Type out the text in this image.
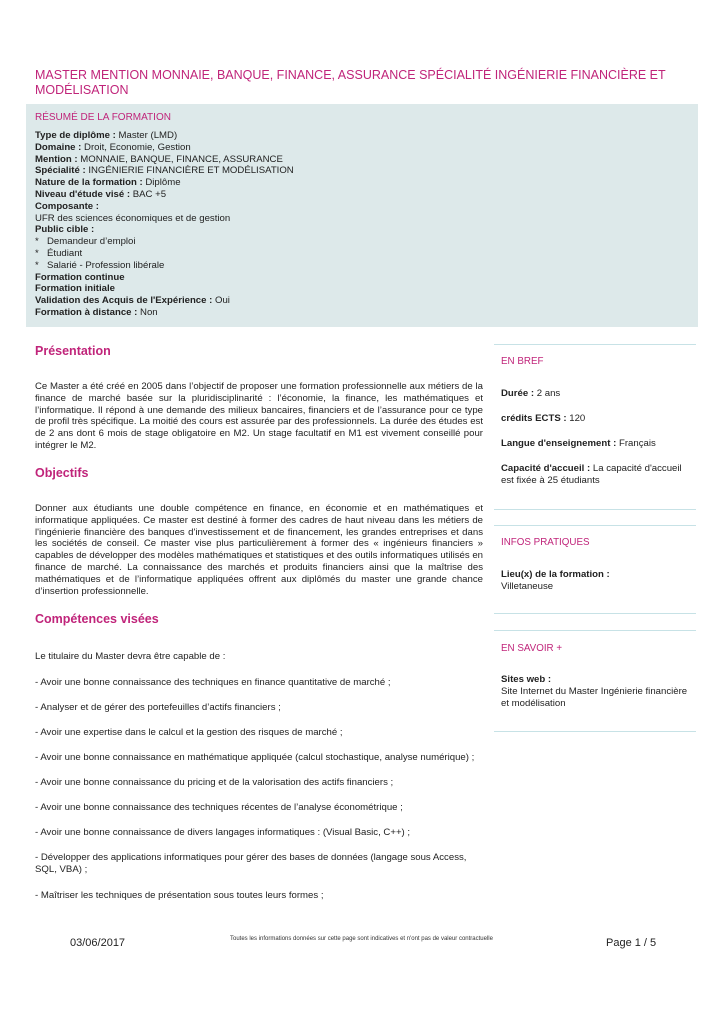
MASTER MENTION MONNAIE, BANQUE, FINANCE, ASSURANCE SPÉCIALITÉ INGÉNIERIE FINANCIÈRE ET MODÉLISATION
RÉSUMÉ DE LA FORMATION
Type de diplôme : Master (LMD)
Domaine : Droit, Economie, Gestion
Mention : MONNAIE, BANQUE, FINANCE, ASSURANCE
Spécialité : INGÉNIERIE FINANCIÈRE ET MODÉLISATION
Nature de la formation : Diplôme
Niveau d'étude visé : BAC +5
Composante :
UFR des sciences économiques et de gestion
Public cible :
* Demandeur d’emploi
* Étudiant
* Salarié - Profession libérale
Formation continue
Formation initiale
Validation des Acquis de l'Expérience : Oui
Formation à distance : Non
Présentation
Ce Master a été créé en 2005 dans l’objectif de proposer une formation professionnelle aux métiers de la finance de marché basée sur la pluridisciplinarité : l’économie, la finance, les mathématiques et l’informatique. Il répond à une demande des milieux bancaires, financiers et de l’assurance pour ce type de profil très spécifique. La moitié des cours est assurée par des professionnels. La durée des études est de 2 ans dont 6 mois de stage obligatoire en M2. Un stage facultatif en M1 est vivement conseillé pour intégrer le M2.
Objectifs
Donner aux étudiants une double compétence en finance, en économie et en mathématiques et informatique appliquées. Ce master est destiné à former des cadres de haut niveau dans les métiers de l'ingénierie financière des banques d'investissement et de financement, les grandes entreprises et dans les sociétés de conseil. Ce master vise plus particulièrement à former des « ingénieurs financiers » capables de développer des modèles mathématiques et statistiques et des outils informatiques utilisés en finance de marché. La connaissance des marchés et produits financiers ainsi que la maîtrise des mathématiques et de l’informatique appliquées offrent aux diplômés du master une grande chance d’insertion professionnelle.
Compétences visées
Le titulaire du Master devra être capable de :
- Avoir une bonne connaissance des techniques en finance quantitative de marché ;
- Analyser et de gérer des portefeuilles d’actifs financiers ;
- Avoir une expertise dans le calcul et la gestion des risques de marché ;
- Avoir une bonne connaissance en mathématique appliquée (calcul stochastique, analyse numérique) ;
- Avoir une bonne connaissance du pricing et de la valorisation des actifs financiers ;
- Avoir une bonne connaissance des techniques récentes de l’analyse économétrique ;
- Avoir une bonne connaissance de divers langages informatiques : (Visual Basic, C++) ;
- Développer des applications informatiques pour gérer des bases de données (langage sous Access, SQL, VBA) ;
- Maîtriser les techniques de présentation sous toutes leurs formes ;
EN BREF
Durée : 2 ans
crédits ECTS : 120
Langue d'enseignement : Français
Capacité d'accueil : La capacité d'accueil est fixée à 25 étudiants
INFOS PRATIQUES
Lieu(x) de la formation :
Villetaneuse
EN SAVOIR +
Sites web :
Site Internet du Master Ingénierie financière et modélisation
03/06/2017	Toutes les informations données sur cette page sont indicatives et n'ont pas de valeur contractuelle	Page 1 / 5
